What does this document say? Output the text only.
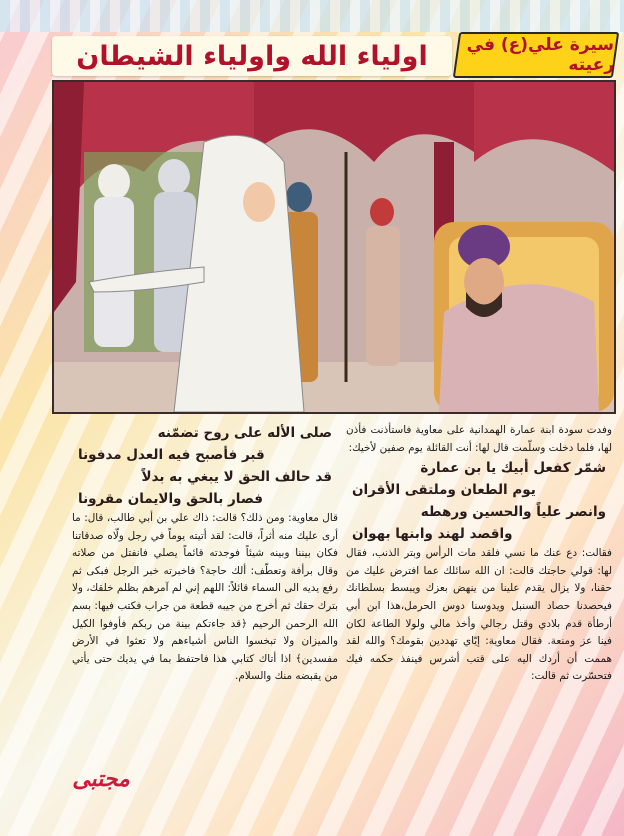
اولياء الله واولياء الشيطان	سيرة علي(ع) في رعيته

وفدت سودة ابنة عمارة الهمدانية على معاوية فاستأذنت فأذن لها، فلما دخلت وسلّمت قال لها: أنت القائلة يوم صفين لأخيك:

شمّر كفعل أبيك يا بن عمارة

يوم الطعان وملتقى الأقران

وانصر علياً والحسين ورهطه

واقصد لهند وابنها بهوان

فقالت: دع عنك ما نسي فلقد مات الرأس وبتر الذنب، فقال لها: قولي حاجتك قالت: ان الله سائلك عما افترض عليك من حقنا، ولا يزال يقدم علينا من ينهض بعزك ويبسط بسلطانك فيحصدنا حصاد السنبل ويدوسنا دوس الحرمل،هذا ابن أبي أرطأة قدم بلادي وقتل رجالي وأخذ مالي ولولا الطاعة لكان فينا عز ومنعة. فقال معاوية: إيّاي تهددين بقومك؟ والله لقد هممت أن أردك اليه على قتب أشرس فينفذ حكمه فيك فتحسّرت ثم قالت:

صلى الأله على روح تضمّنه

قبر فأصبح فيه العدل مدفونا

قد حالف الحق لا يبغي به بدلاً

فصار بالحق والايمان مقرونا

قال معاوية: ومن ذلك؟ قالت: ذاك علي بن أبي طالب، قال: ما أرى عليك منه أثراً، قالت: لقد أتيته يوماً في رجل ولّاه صدقاتنا فكان بيننا وبينه شيئاً فوجدته قائماً يصلي فانفتل من صلاته وقال برأفة وتعطّف: ألك حاجة؟ فاخبرته خبر الرجل فبكى ثم رفع يديه الى السماء قائلاً: اللهم إني لم آمرهم بظلم خلقك، ولا بترك حقك ثم أخرج من جيبه قطعة من جراب فكتب فيها: بسم الله الرحمن الرحيم ﴿قد جاءتكم بينة من ربكم فأوفوا الكيل والميزان ولا تبخسوا الناس أشياءهم ولا تعثوا في الأرض مفسدين﴾ اذا أتاك كتابي هذا فاحتفظ بما في يديك حتى يأتي من يقبضه منك والسلام.

مجتبى
